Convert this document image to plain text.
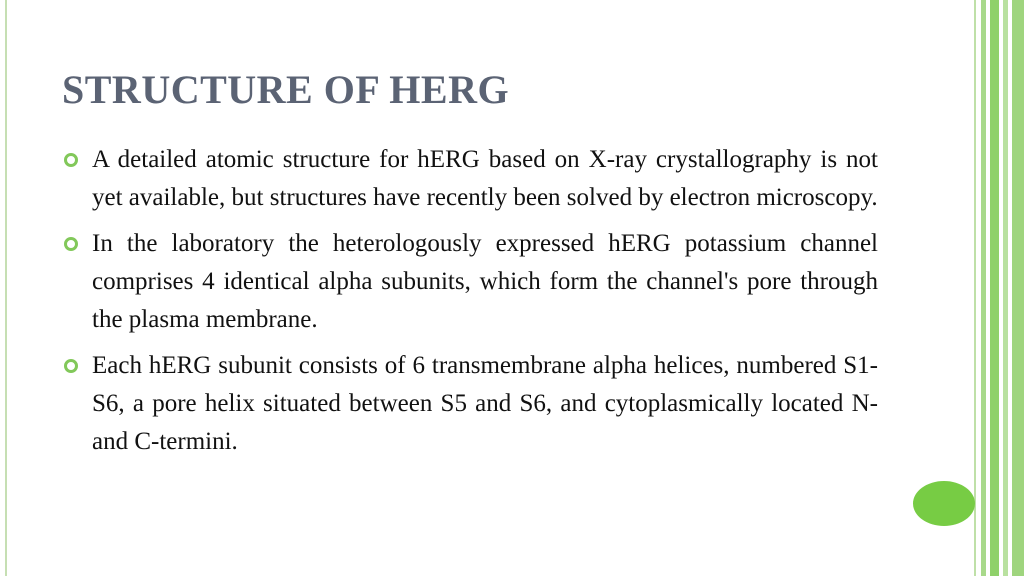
STRUCTURE OF HERG
A detailed atomic structure for hERG based on X-ray crystallography is not yet available, but structures have recently been solved by electron microscopy.
In the laboratory the heterologously expressed hERG potassium channel comprises 4 identical alpha subunits, which form the channel's pore through the plasma membrane.
Each hERG subunit consists of 6 transmembrane alpha helices, numbered S1-S6, a pore helix situated between S5 and S6, and cytoplasmically located N- and C-termini.
